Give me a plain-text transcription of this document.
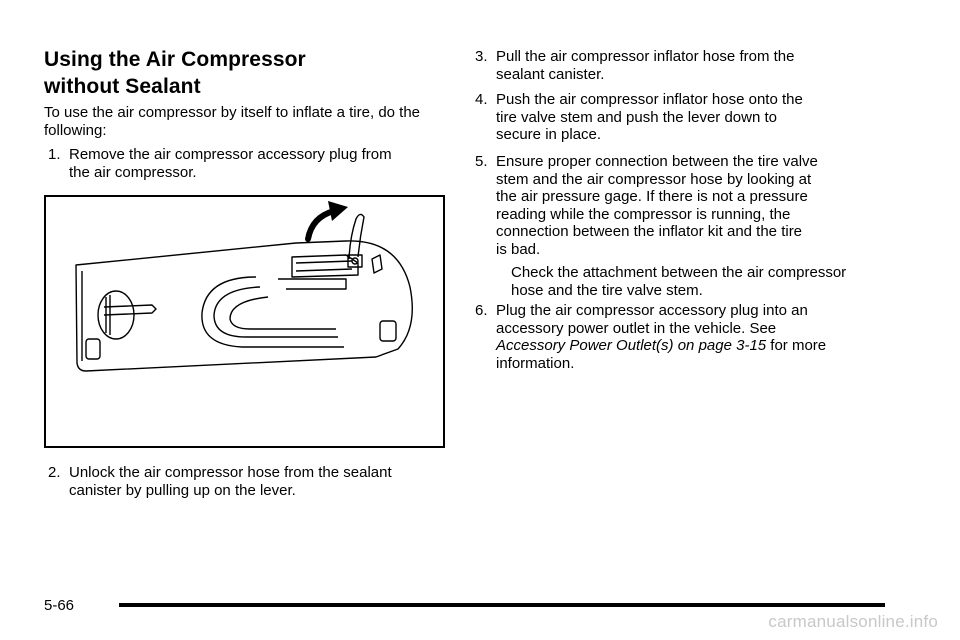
Using the Air Compressor
without Sealant

To use the air compressor by itself to inflate a tire, do the following:

1. Remove the air compressor accessory plug from
the air compressor.
2. Unlock the air compressor hose from the sealant
canister by pulling up on the lever.
3. Pull the air compressor inflator hose from the
sealant canister.
4. Push the air compressor inflator hose onto the
tire valve stem and push the lever down to
secure in place.
5. Ensure proper connection between the tire valve
stem and the air compressor hose by looking at
the air pressure gage. If there is not a pressure
reading while the compressor is running, the
connection between the inflator kit and the tire
is bad.

Check the attachment between the air compressor
hose and the tire valve stem.

6. Plug the air compressor accessory plug into an
accessory power outlet in the vehicle. See
Accessory Power Outlet(s) on page 3-15 for more
information.
5-66
carmanualsonline.info
